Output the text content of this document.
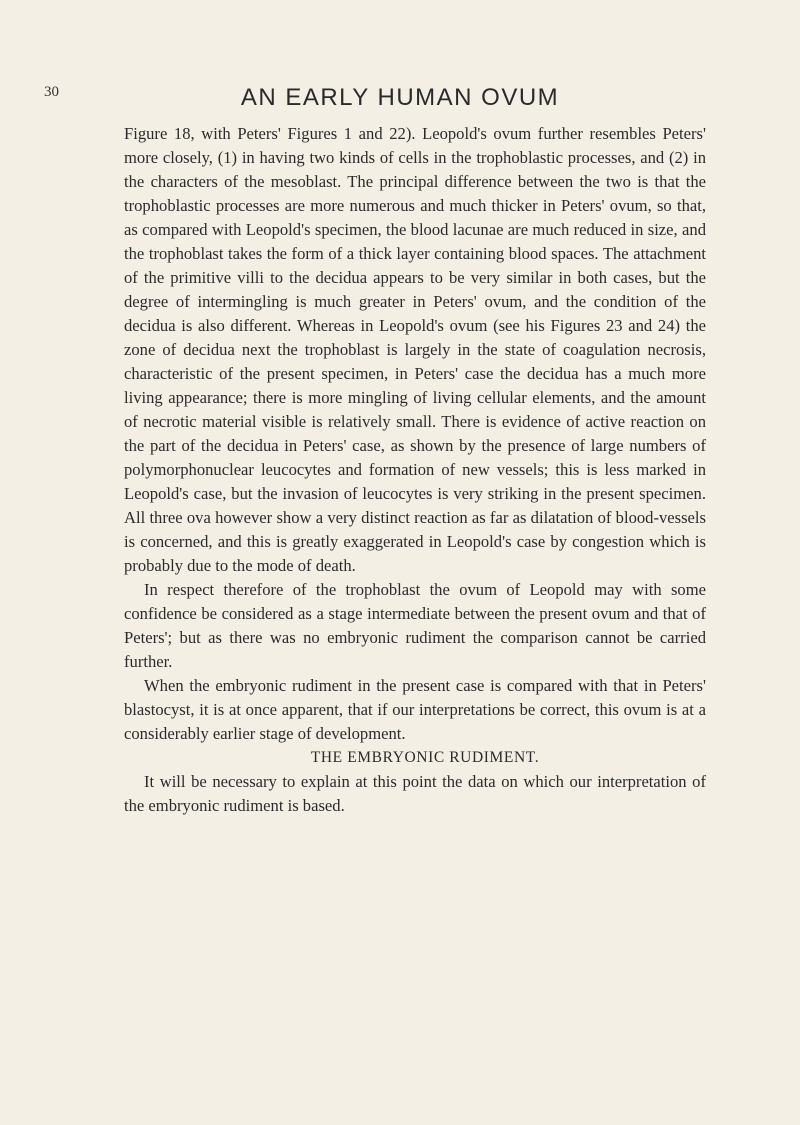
30	AN EARLY HUMAN OVUM

Figure 18, with Peters' Figures 1 and 22). Leopold's ovum further resembles Peters' more closely, (1) in having two kinds of cells in the trophoblastic processes, and (2) in the characters of the mesoblast. The principal difference between the two is that the trophoblastic processes are more numerous and much thicker in Peters' ovum, so that, as compared with Leopold's specimen, the blood lacunae are much reduced in size, and the trophoblast takes the form of a thick layer containing blood spaces. The attachment of the primitive villi to the decidua appears to be very similar in both cases, but the degree of intermingling is much greater in Peters' ovum, and the condition of the decidua is also different. Whereas in Leopold's ovum (see his Figures 23 and 24) the zone of decidua next the trophoblast is largely in the state of coagulation necrosis, characteristic of the present specimen, in Peters' case the decidua has a much more living appearance; there is more mingling of living cellular elements, and the amount of necrotic material visible is relatively small. There is evidence of active reaction on the part of the decidua in Peters' case, as shown by the presence of large numbers of polymorphonuclear leucocytes and formation of new vessels; this is less marked in Leopold's case, but the invasion of leucocytes is very striking in the present specimen. All three ova however show a very distinct reaction as far as dilatation of blood-vessels is concerned, and this is greatly exaggerated in Leopold's case by congestion which is probably due to the mode of death.

In respect therefore of the trophoblast the ovum of Leopold may with some confidence be considered as a stage intermediate between the present ovum and that of Peters'; but as there was no embryonic rudiment the comparison cannot be carried further.

When the embryonic rudiment in the present case is compared with that in Peters' blastocyst, it is at once apparent, that if our interpretations be correct, this ovum is at a considerably earlier stage of development.

THE EMBRYONIC RUDIMENT.

It will be necessary to explain at this point the data on which our interpretation of the embryonic rudiment is based.
